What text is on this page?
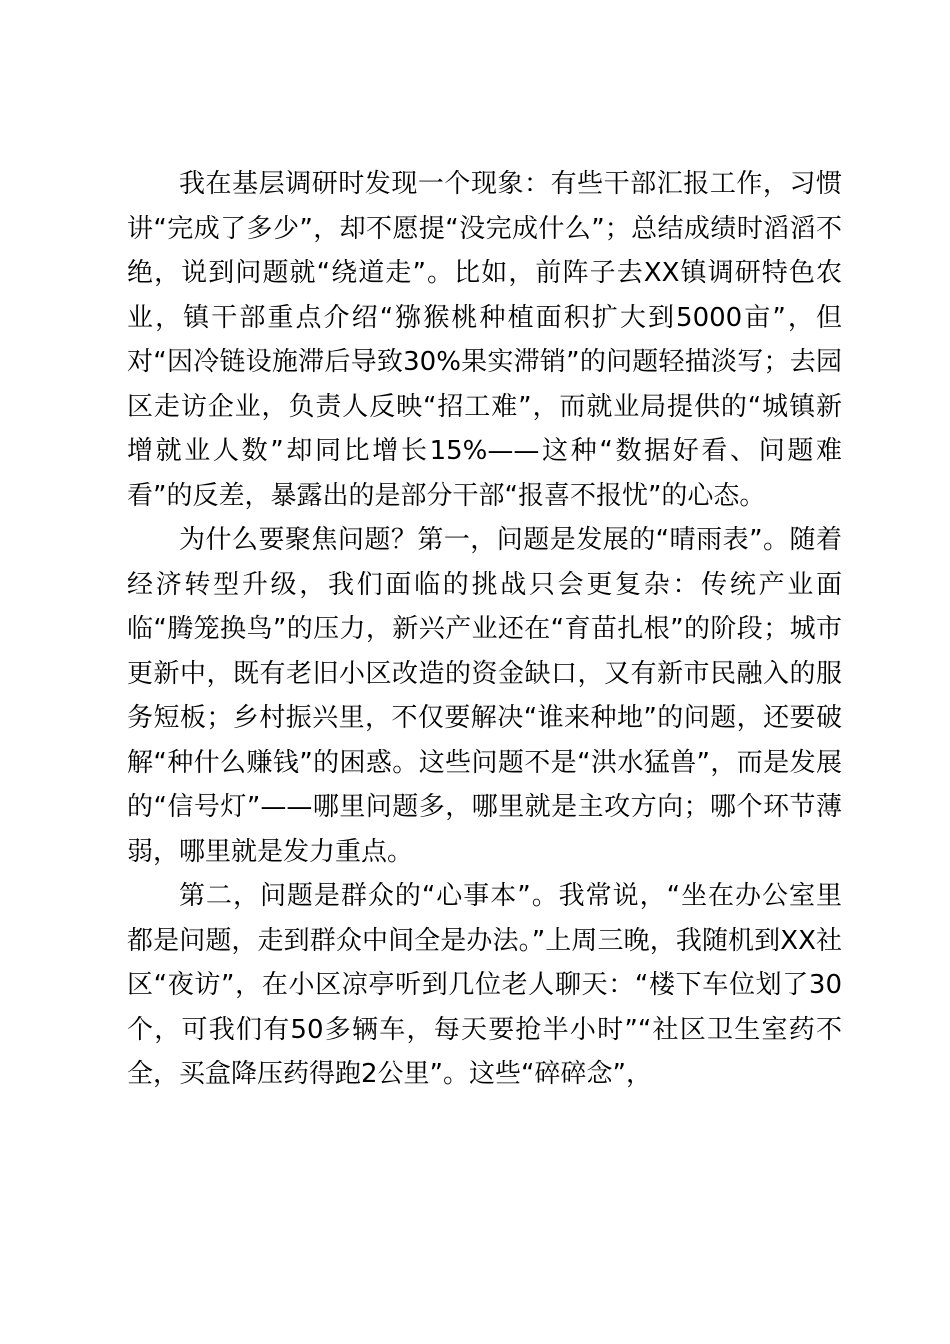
我在基层调研时发现一个现象：有些干部汇报工作，习惯讲“完成了多少”，却不愿提“没完成什么”；总结成绩时滔滔不绝，说到问题就“绕道走”。比如，前阵子去XX镇调研特色农业，镇干部重点介绍“猕猴桃种植面积扩大到5000亩”，但对“因冷链设施滞后导致30%果实滞销”的问题轻描淡写；去园区走访企业，负责人反映“招工难”，而就业局提供的“城镇新增就业人数”却同比增长15%——这种“数据好看、问题难看”的反差，暴露出的是部分干部“报喜不报忧”的心态。

为什么要聚焦问题？第一，问题是发展的“晴雨表”。随着经济转型升级，我们面临的挑战只会更复杂：传统产业面临“腾笼换鸟”的压力，新兴产业还在“育苗扎根”的阶段；城市更新中，既有老旧小区改造的资金缺口，又有新市民融入的服务短板；乡村振兴里，不仅要解决“谁来种地”的问题，还要破解“种什么赚钱”的困惑。这些问题不是“洪水猛兽”，而是发展的“信号灯”——哪里问题多，哪里就是主攻方向；哪个环节薄弱，哪里就是发力重点。

第二，问题是群众的“心事本”。我常说，“坐在办公室里都是问题，走到群众中间全是办法。”上周三晚，我随机到XX社区“夜访”，在小区凉亭听到几位老人聊天：“楼下车位划了30个，可我们有50多辆车，每天要抢半小时”“社区卫生室药不全，买盒降压药得跑2公里”。这些“碎碎念”，
